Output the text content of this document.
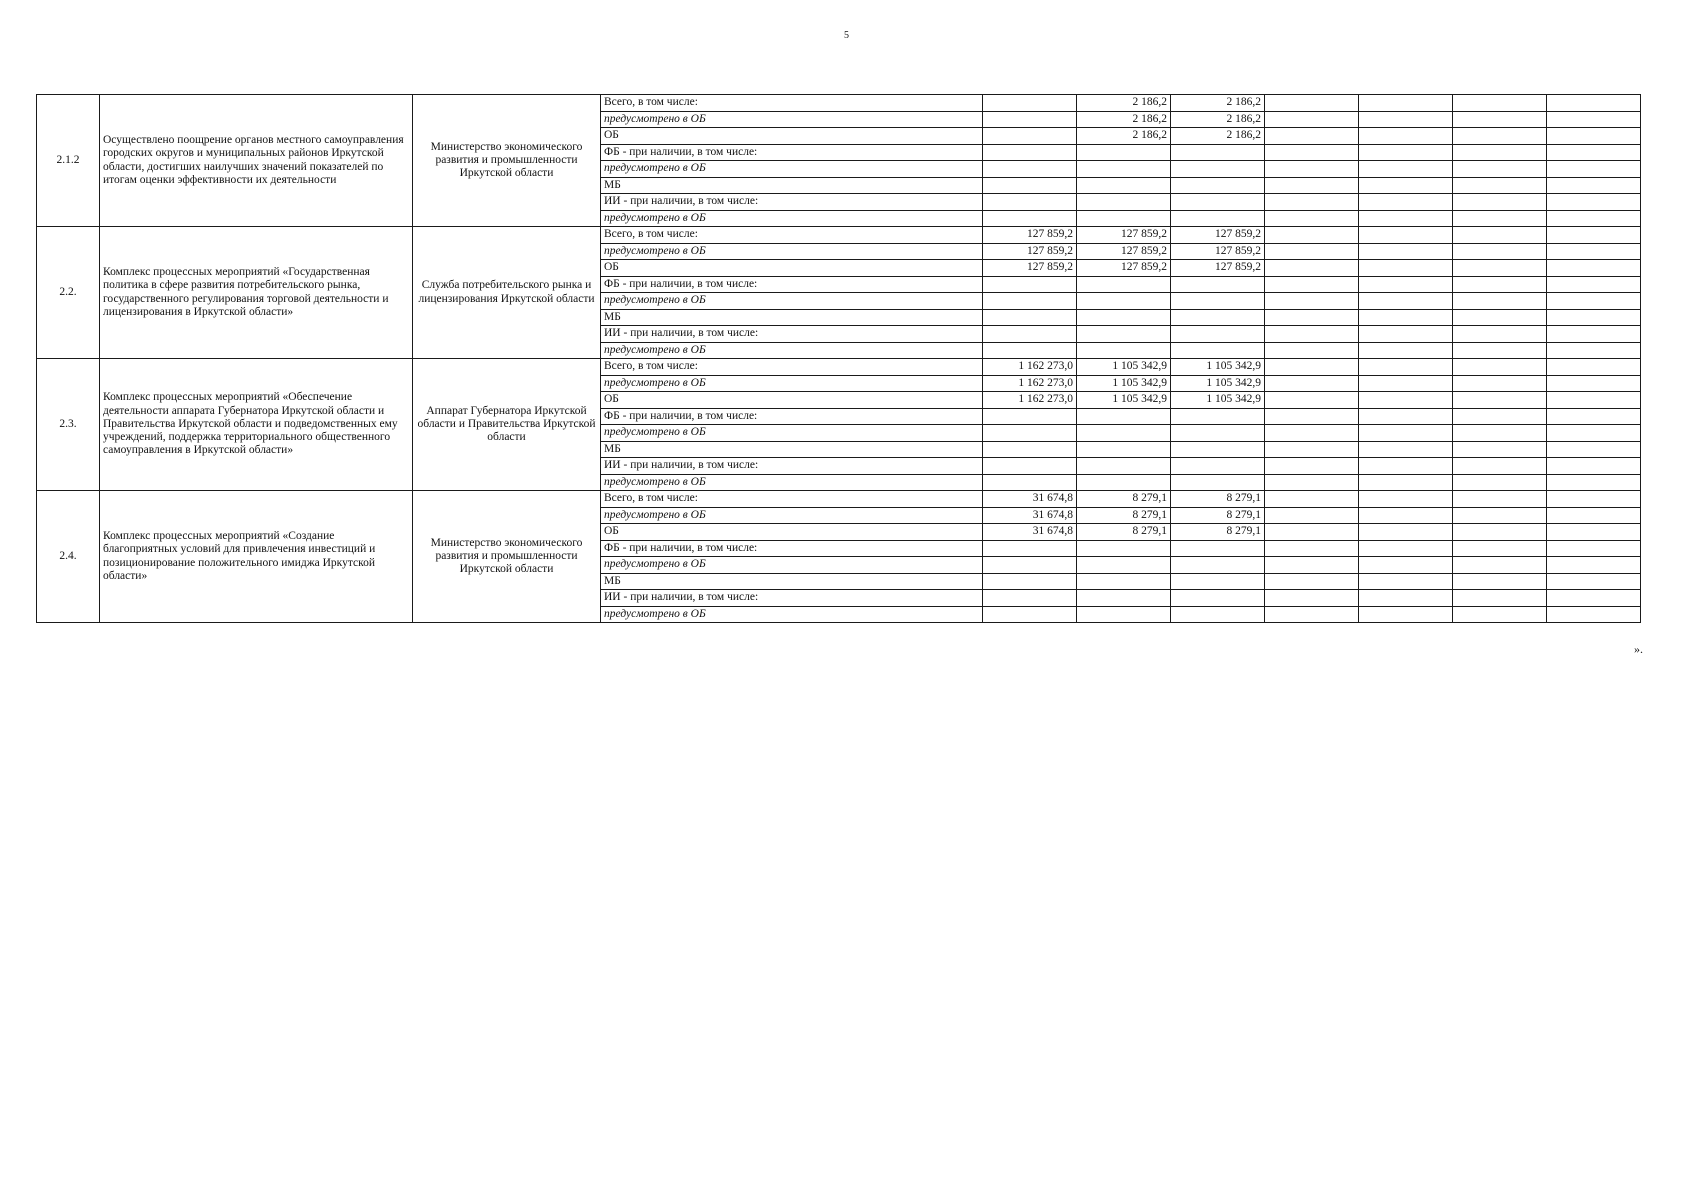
5
2.1.2	Осуществлено поощрение органов местного самоуправления городских округов и муниципальных районов Иркутской области, достигших наилучших значений показателей по итогам оценки эффективности их деятельности	Министерство экономического развития и промышленности Иркутской области	Всего, в том числе:		2 186,2	2 186,2				
			предусмотрено в ОБ		2 186,2	2 186,2				
			ОБ		2 186,2	2 186,2				
			ФБ - при наличии, в том числе:							
			предусмотрено в ОБ							
			МБ							
			ИИ - при наличии, в том числе:							
			предусмотрено в ОБ							
2.2.	Комплекс процессных мероприятий «Государственная политика в сфере развития потребительского рынка, государственного регулирования торговой деятельности и лицензирования в Иркутской области»	Служба потребительского рынка и лицензирования Иркутской области	Всего, в том числе:	127 859,2	127 859,2	127 859,2				
			предусмотрено в ОБ	127 859,2	127 859,2	127 859,2				
			ОБ	127 859,2	127 859,2	127 859,2				
			ФБ - при наличии, в том числе:							
			предусмотрено в ОБ							
			МБ							
			ИИ - при наличии, в том числе:							
			предусмотрено в ОБ							
2.3.	Комплекс процессных мероприятий «Обеспечение деятельности аппарата Губернатора Иркутской области и Правительства Иркутской области и подведомственных ему учреждений, поддержка территориального общественного самоуправления в Иркутской области»	Аппарат Губернатора Иркутской области и Правительства Иркутской области	Всего, в том числе:	1 162 273,0	1 105 342,9	1 105 342,9				
			предусмотрено в ОБ	1 162 273,0	1 105 342,9	1 105 342,9				
			ОБ	1 162 273,0	1 105 342,9	1 105 342,9				
			ФБ - при наличии, в том числе:							
			предусмотрено в ОБ							
			МБ							
			ИИ - при наличии, в том числе:							
			предусмотрено в ОБ							
2.4.	Комплекс процессных мероприятий «Создание благоприятных условий для привлечения инвестиций и позиционирование положительного имиджа Иркутской области»	Министерство экономического развития и промышленности Иркутской области	Всего, в том числе:	31 674,8	8 279,1	8 279,1				
			предусмотрено в ОБ	31 674,8	8 279,1	8 279,1				
			ОБ	31 674,8	8 279,1	8 279,1				
			ФБ - при наличии, в том числе:							
			предусмотрено в ОБ							
			МБ							
			ИИ - при наличии, в том числе:							
			предусмотрено в ОБ							
».
